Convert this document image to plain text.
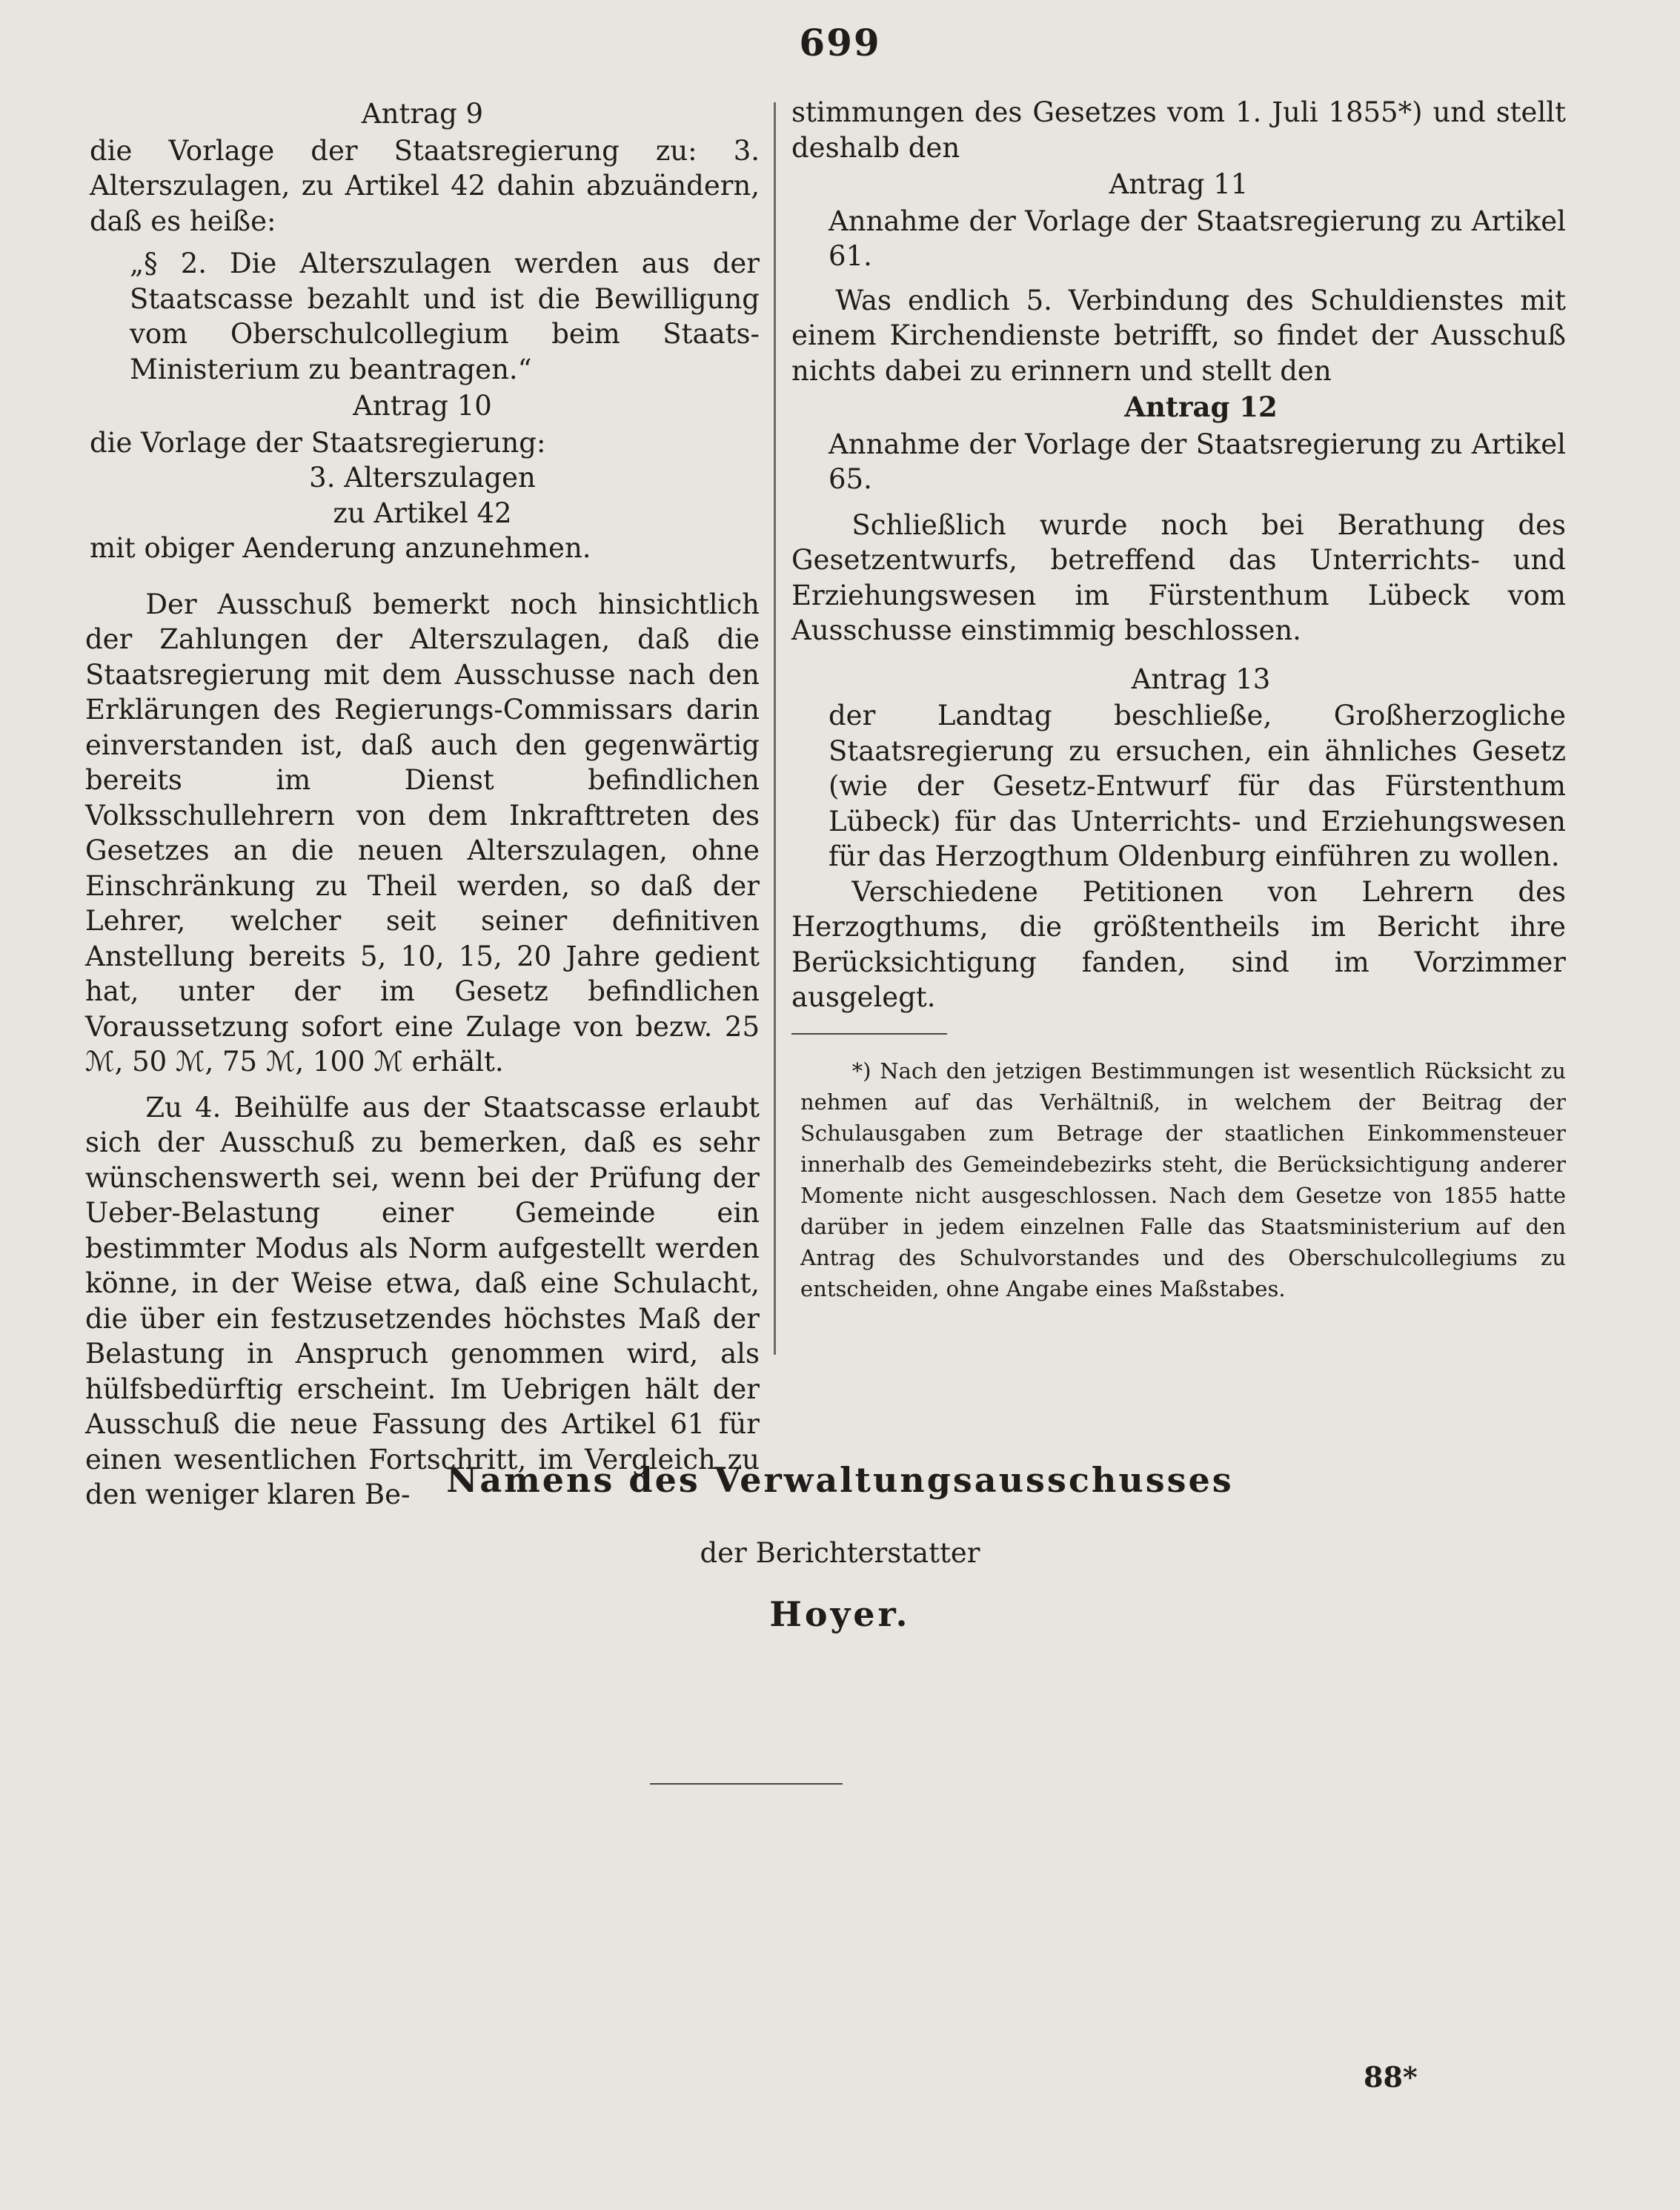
699

Antrag 9

die Vorlage der Staatsregierung zu: 3. Alterszulagen, zu Artikel 42 dahin abzuändern, daß es heiße:

„§ 2. Die Alterszulagen werden aus der Staatscasse bezahlt und ist die Bewilligung vom Oberschulcollegium beim Staats-Ministerium zu beantragen.“

Antrag 10

die Vorlage der Staatsregierung:

3. Alterszulagen

zu Artikel 42

mit obiger Aenderung anzunehmen.

Der Ausschuß bemerkt noch hinsichtlich der Zahlungen der Alterszulagen, daß die Staatsregierung mit dem Ausschusse nach den Erklärungen des Regierungs-Commissars darin einverstanden ist, daß auch den gegenwärtig bereits im Dienst befindlichen Volksschullehrern von dem Inkrafttreten des Gesetzes an die neuen Alterszulagen, ohne Einschränkung zu Theil werden, so daß der Lehrer, welcher seit seiner definitiven Anstellung bereits 5, 10, 15, 20 Jahre gedient hat, unter der im Gesetz befindlichen Voraussetzung sofort eine Zulage von bezw. 25 ℳ, 50 ℳ, 75 ℳ, 100 ℳ erhält.

Zu 4. Beihülfe aus der Staatscasse erlaubt sich der Ausschuß zu bemerken, daß es sehr wünschenswerth sei, wenn bei der Prüfung der Ueber-Belastung einer Gemeinde ein bestimmter Modus als Norm aufgestellt werden könne, in der Weise etwa, daß eine Schulacht, die über ein festzusetzendes höchstes Maß der Belastung in Anspruch genommen wird, als hülfsbedürftig erscheint. Im Uebrigen hält der Ausschuß die neue Fassung des Artikel 61 für einen wesentlichen Fortschritt, im Vergleich zu den weniger klaren Be-

stimmungen des Gesetzes vom 1. Juli 1855*) und stellt deshalb den

Antrag 11

Annahme der Vorlage der Staatsregierung zu Artikel 61.

Was endlich 5. Verbindung des Schuldienstes mit einem Kirchendienste betrifft, so findet der Ausschuß nichts dabei zu erinnern und stellt den

Antrag 12

Annahme der Vorlage der Staatsregierung zu Artikel 65.

Schließlich wurde noch bei Berathung des Gesetzentwurfs, betreffend das Unterrichts- und Erziehungswesen im Fürstenthum Lübeck vom Ausschusse einstimmig beschlossen.

Antrag 13

der Landtag beschließe, Großherzogliche Staatsregierung zu ersuchen, ein ähnliches Gesetz (wie der Gesetz-Entwurf für das Fürstenthum Lübeck) für das Unterrichts- und Erziehungswesen für das Herzogthum Oldenburg einführen zu wollen.

Verschiedene Petitionen von Lehrern des Herzogthums, die größtentheils im Bericht ihre Berücksichtigung fanden, sind im Vorzimmer ausgelegt.

*) Nach den jetzigen Bestimmungen ist wesentlich Rücksicht zu nehmen auf das Verhältniß, in welchem der Beitrag der Schulausgaben zum Betrage der staatlichen Einkommensteuer innerhalb des Gemeindebezirks steht, die Berücksichtigung anderer Momente nicht ausgeschlossen. Nach dem Gesetze von 1855 hatte darüber in jedem einzelnen Falle das Staatsministerium auf den Antrag des Schulvorstandes und des Oberschulcollegiums zu entscheiden, ohne Angabe eines Maßstabes.

Namens des Verwaltungsausschusses
der Berichterstatter
Hoyer.
88*
